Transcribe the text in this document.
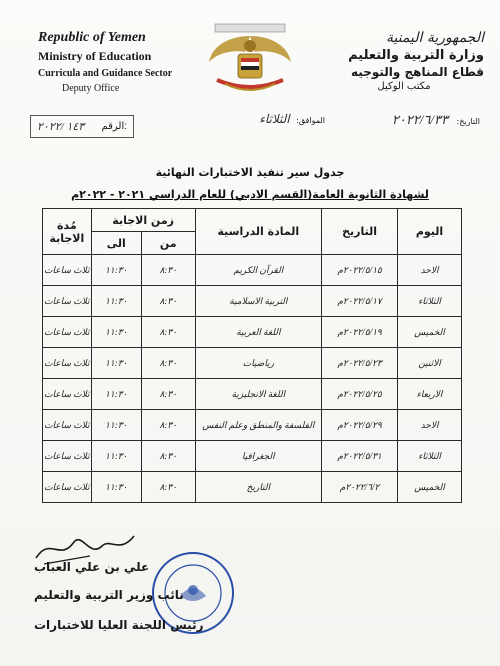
Republic of Yemen
Ministry of Education
Curricula and Guidance Sector
Deputy Office
الجمهورية اليمنية
وزارة التربية والتعليم
قطاع المناهج والتوجيه
مكتب الوكيل
١٤٣ /٢٠٢٢ الرقم:
الموافق: الثلاثاء	التاريخ: ٢٠٢٢/٦/٣٣
جدول سير تنفيذ الاختبارات النهائية
لشهادة الثانوية العامة(القسم الادبي) للعام الدراسي ٢٠٢١ - ٢٠٢٢م
اليوم	التاريخ	المادة الدراسية	زمن الاجابة		مُدة الاجابة
			من	الى	
الاحد	٢٠٢٢/٥/١٥م	القرآن الكريم	٨:٣٠	١١:٣٠	ثلاث ساعات
الثلاثاء	٢٠٢٢/٥/١٧م	التربية الاسلامية	٨:٣٠	١١:٣٠	ثلاث ساعات
الخميس	٢٠٢٢/٥/١٩م	اللغة العربية	٨:٣٠	١١:٣٠	ثلاث ساعات
الاثنين	٢٠٢٢/٥/٢٣م	رياضيات	٨:٣٠	١١:٣٠	ثلاث ساعات
الاربعاء	٢٠٢٢/٥/٢٥م	اللغة الانجليزية	٨:٣٠	١١:٣٠	ثلاث ساعات
الاحد	٢٠٢٢/٥/٢٩م	الفلسفة والمنطق وعلم النفس	٨:٣٠	١١:٣٠	ثلاث ساعات
الثلاثاء	٢٠٢٢/٥/٣١م	الجغرافيا	٨:٣٠	١١:٣٠	ثلاث ساعات
الخميس	٢٠٢٢/٦/٢م	التاريخ	٨:٣٠	١١:٣٠	ثلاث ساعات
علي بن علي العباب
نائب وزير التربية والتعليم
رئيس اللجنة العليا للاختبارات
